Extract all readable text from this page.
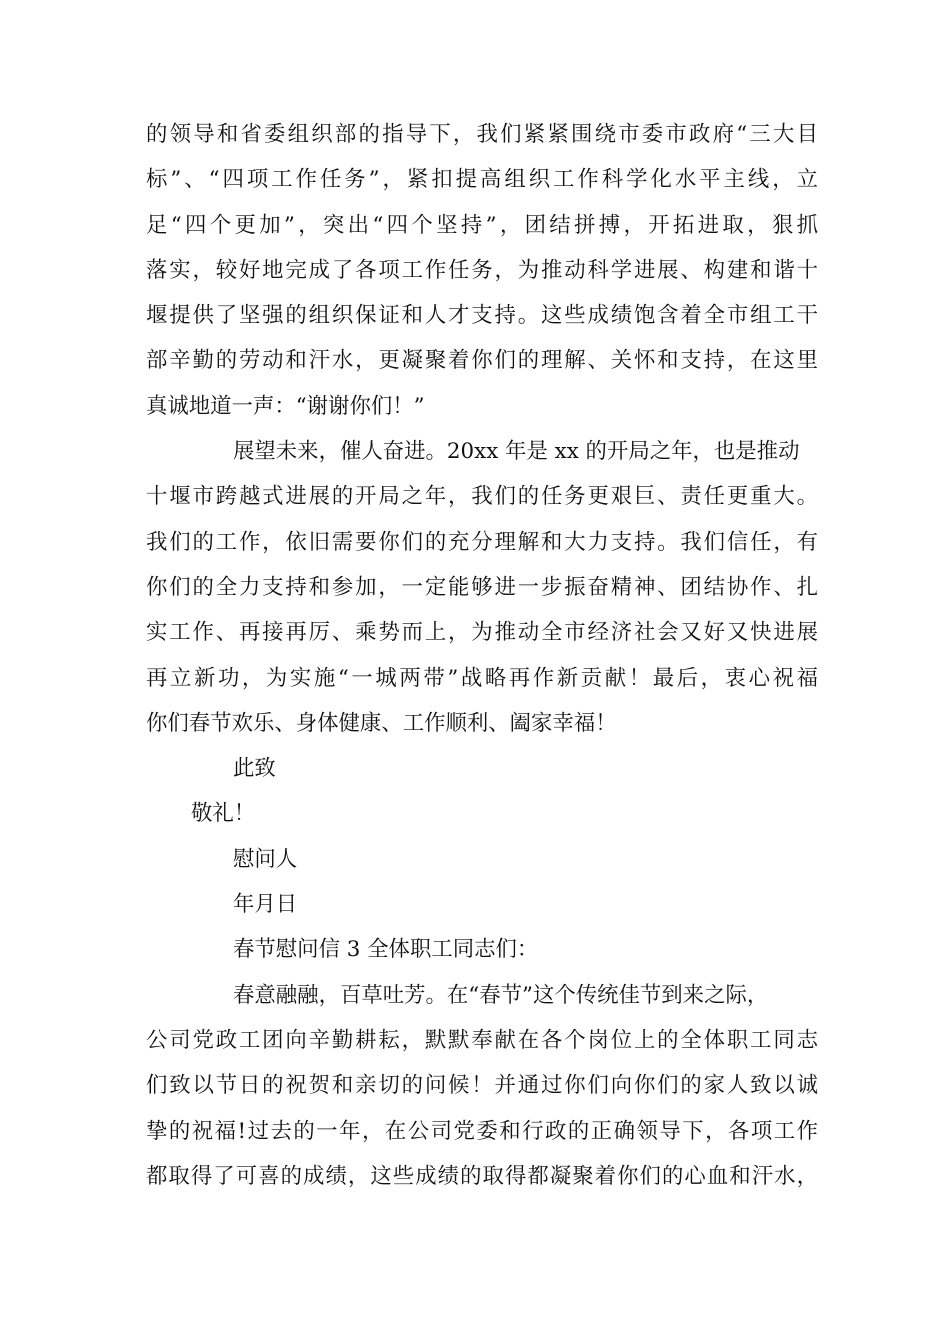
的领导和省委组织部的指导下，我们紧紧围绕市委市政府“三大目
标”、“四项工作任务”，紧扣提高组织工作科学化水平主线，立
足“四个更加”，突出“四个坚持”，团结拼搏，开拓进取，狠抓
落实，较好地完成了各项工作任务，为推动科学进展、构建和谐十
堰提供了坚强的组织保证和人才支持。这些成绩饱含着全市组工干
部辛勤的劳动和汗水，更凝聚着你们的理解、关怀和支持，在这里
真诚地道一声：“谢谢你们！”
展望未来，催人奋进。20xx 年是 xx 的开局之年，也是推动
十堰市跨越式进展的开局之年，我们的任务更艰巨、责任更重大。
我们的工作，依旧需要你们的充分理解和大力支持。我们信任，有
你们的全力支持和参加，一定能够进一步振奋精神、团结协作、扎
实工作、再接再厉、乘势而上，为推动全市经济社会又好又快进展
再立新功，为实施“一城两带”战略再作新贡献！最后，衷心祝福
你们春节欢乐、身体健康、工作顺利、阖家幸福！
此致
敬礼！
慰问人
年月日
春节慰问信 3 全体职工同志们：
春意融融，百草吐芳。在“春节”这个传统佳节到来之际，
公司党政工团向辛勤耕耘，默默奉献在各个岗位上的全体职工同志
们致以节日的祝贺和亲切的问候！并通过你们向你们的家人致以诚
挚的祝福!过去的一年，在公司党委和行政的正确领导下，各项工作
都取得了可喜的成绩，这些成绩的取得都凝聚着你们的心血和汗水，
